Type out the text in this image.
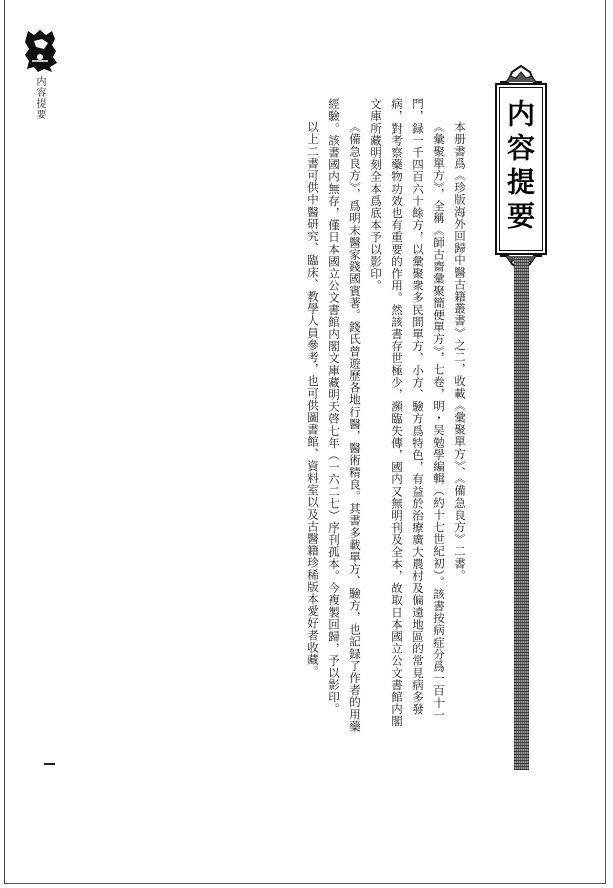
内容提要
内容提要

本册書爲《珍版海外回歸中醫古籍叢書》之二，收載《彙聚單方》、《備急良方》二書。

《彙聚單方》，全稱《師古齋彙聚簡便單方》，七卷，明・吴勉學編輯（約十七世紀初）。該書按病症分爲一百十一門，録一千四百六十餘方，以彙聚衆多民間單方、小方、驗方爲特色，有益於治療廣大農村及偏遠地區的常見病多發病，對考察藥物功效也有重要的作用。然該書存世極少，瀕臨失傳，國内又無明刊及全本，故取日本國立公文書館内閣文庫所藏明刻全本爲底本予以影印。

《備急良方》，爲明末醫家錢國賓著。錢氏曾遊歷各地行醫，醫術精良。其書多載單方、驗方，也記録了作者的用藥經驗。該書國内無存，僅日本國立公文書館内閣文庫藏明天啓七年（一六二七）序刊孤本。今複製回歸，予以影印。

以上二書可供中醫研究、臨床、教學人員參考，也可供圖書館、資料室以及古醫籍珍稀版本愛好者收藏。
